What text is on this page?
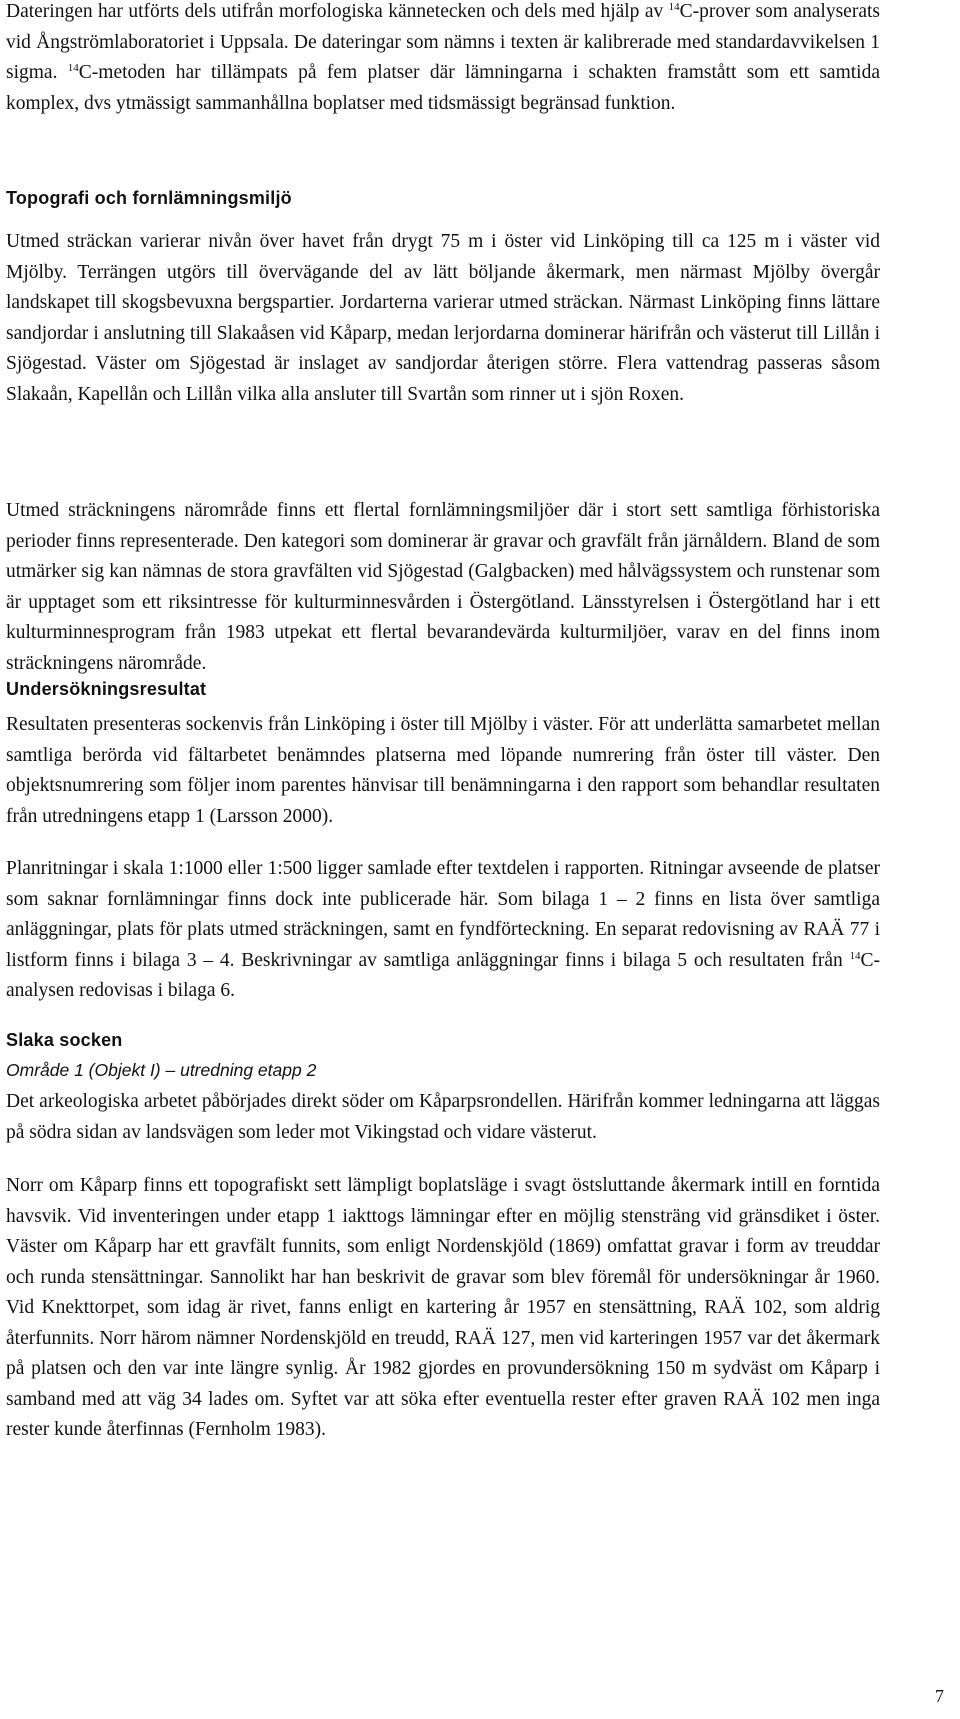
Dateringen har utförts dels utifrån morfologiska kännetecken och dels med hjälp av $^{14}$C-prover som analyserats vid Ångströmlaboratoriet i Uppsala. De dateringar som nämns i texten är kalibrerade med standardavvikelsen 1 sigma. $^{14}$C-metoden har tillämpats på fem platser där lämningarna i schakten framstått som ett samtida komplex, dvs ytmässigt sammanhållna boplatser med tidsmässigt begränsad funktion.

Topografi och fornlämningsmiljö

Utmed sträckan varierar nivån över havet från drygt 75 m i öster vid Linköping till ca 125 m i väster vid Mjölby. Terrängen utgörs till övervägande del av lätt böljande åkermark, men närmast Mjölby övergår landskapet till skogsbevuxna bergspartier. Jordarterna varierar utmed sträckan. Närmast Linköping finns lättare sandjordar i anslutning till Slakaåsen vid Kåparp, medan lerjordarna dominerar härifrån och västerut till Lillån i Sjögestad. Väster om Sjögestad är inslaget av sandjordar återigen större. Flera vattendrag passeras såsom Slakaån, Kapellån och Lillån vilka alla ansluter till Svartån som rinner ut i sjön Roxen.

Utmed sträckningens närområde finns ett flertal fornlämningsmiljöer där i stort sett samtliga förhistoriska perioder finns representerade. Den kategori som dominerar är gravar och gravfält från järnåldern. Bland de som utmärker sig kan nämnas de stora gravfälten vid Sjögestad (Galgbacken) med hålvägssystem och runstenar som är upptaget som ett riksintresse för kulturminnesvården i Östergötland. Länsstyrelsen i Östergötland har i ett kulturminnesprogram från 1983 utpekat ett flertal bevarandevärda kulturmiljöer, varav en del finns inom sträckningens närområde.

Undersökningsresultat

Resultaten presenteras sockenvis från Linköping i öster till Mjölby i väster. För att underlätta samarbetet mellan samtliga berörda vid fältarbetet benämndes platserna med löpande numrering från öster till väster. Den objektsnumrering som följer inom parentes hänvisar till benämningarna i den rapport som behandlar resultaten från utredningens etapp 1 (Larsson 2000).

Planritningar i skala 1:1000 eller 1:500 ligger samlade efter textdelen i rapporten. Ritningar avseende de platser som saknar fornlämningar finns dock inte publicerade här. Som bilaga 1 – 2 finns en lista över samtliga anläggningar, plats för plats utmed sträckningen, samt en fyndförteckning. En separat redovisning av RAÄ 77 i listform finns i bilaga 3 – 4. Beskrivningar av samtliga anläggningar finns i bilaga 5 och resultaten från $^{14}$C-analysen redovisas i bilaga 6.

Slaka socken

Område 1 (Objekt I) – utredning etapp 2

Det arkeologiska arbetet påbörjades direkt söder om Kåparpsrondellen. Härifrån kommer ledningarna att läggas på södra sidan av landsvägen som leder mot Vikingstad och vidare västerut.

Norr om Kåparp finns ett topografiskt sett lämpligt boplatsläge i svagt östsluttande åkermark intill en forntida havsvik. Vid inventeringen under etapp 1 iakttogs lämningar efter en möjlig stensträng vid gränsdiket i öster. Väster om Kåparp har ett gravfält funnits, som enligt Nordenskjöld (1869) omfattat gravar i form av treuddar och runda stensättningar. Sannolikt har han beskrivit de gravar som blev föremål för undersökningar år 1960. Vid Knekttorpet, som idag är rivet, fanns enligt en kartering år 1957 en stensättning, RAÄ 102, som aldrig återfunnits. Norr härom nämner Nordenskjöld en treudd, RAÄ 127, men vid karteringen 1957 var det åkermark på platsen och den var inte längre synlig. År 1982 gjordes en provundersökning 150 m sydväst om Kåparp i samband med att väg 34 lades om. Syftet var att söka efter eventuella rester efter graven RAÄ 102 men inga rester kunde återfinnas (Fernholm 1983).

7
